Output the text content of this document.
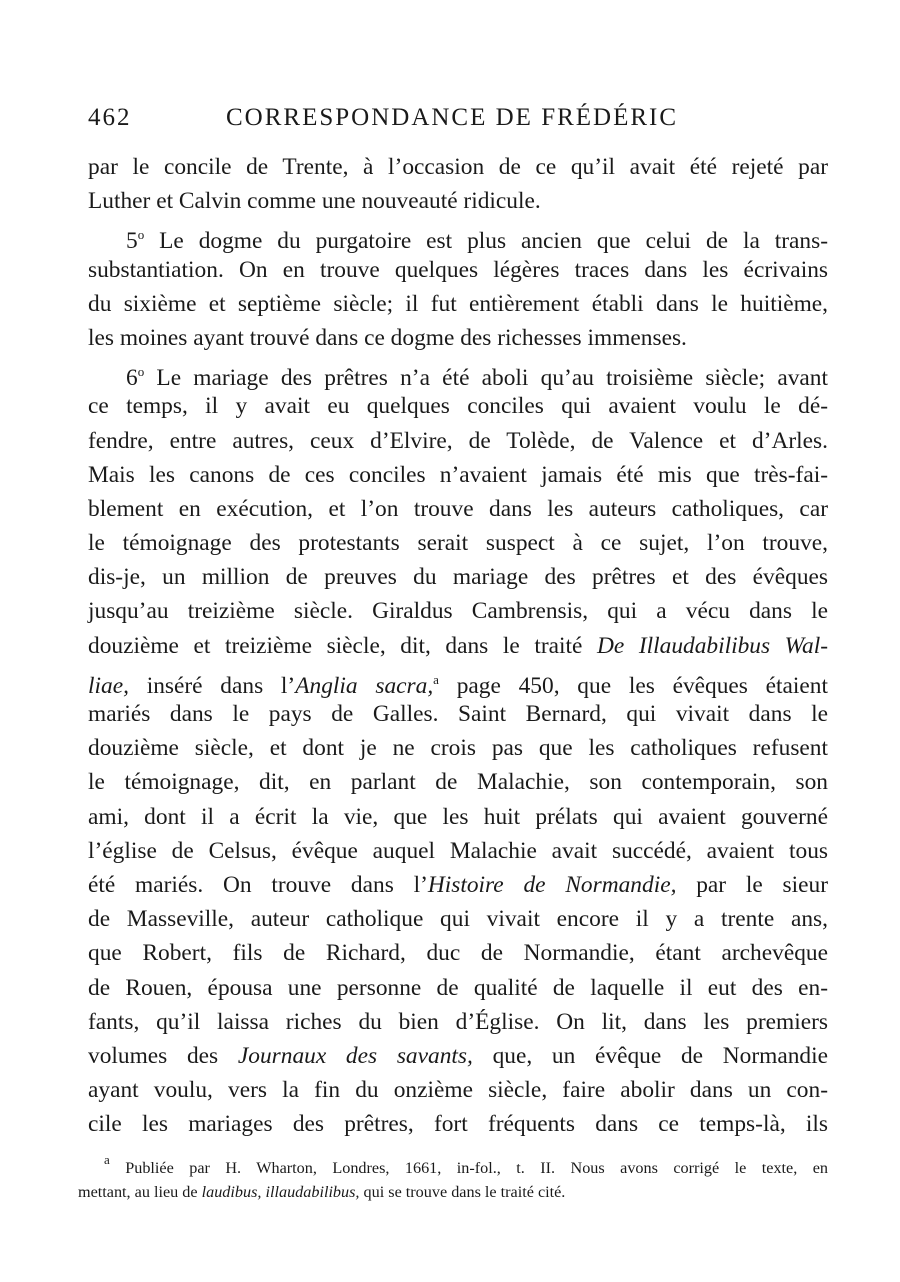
462	CORRESPONDANCE DE FRÉDÉRIC
par le concile de Trente, à l’occasion de ce qu’il avait été rejeté par
Luther et Calvin comme une nouveauté ridicule.
5$^o$ Le dogme du purgatoire est plus ancien que celui de la trans-
substantiation. On en trouve quelques légères traces dans les écrivains
du sixième et septième siècle; il fut entièrement établi dans le huitième,
les moines ayant trouvé dans ce dogme des richesses immenses.
6$^o$ Le mariage des prêtres n’a été aboli qu’au troisième siècle; avant
ce temps, il y avait eu quelques conciles qui avaient voulu le dé-
fendre, entre autres, ceux d’Elvire, de Tolède, de Valence et d’Arles.
Mais les canons de ces conciles n’avaient jamais été mis que très-fai-
blement en exécution, et l’on trouve dans les auteurs catholiques, car
le témoignage des protestants serait suspect à ce sujet, l’on trouve,
dis-je, un million de preuves du mariage des prêtres et des évêques
jusqu’au treizième siècle. Giraldus Cambrensis, qui a vécu dans le
douzième et treizième siècle, dit, dans le traité De Illaudabilibus Wal-
liae, inséré dans l’Anglia sacra,$^a$ page 450, que les évêques étaient
mariés dans le pays de Galles. Saint Bernard, qui vivait dans le
douzième siècle, et dont je ne crois pas que les catholiques refusent
le témoignage, dit, en parlant de Malachie, son contemporain, son
ami, dont il a écrit la vie, que les huit prélats qui avaient gouverné
l’église de Celsus, évêque auquel Malachie avait succédé, avaient tous
été mariés. On trouve dans l’Histoire de Normandie, par le sieur
de Masseville, auteur catholique qui vivait encore il y a trente ans,
que Robert, fils de Richard, duc de Normandie, étant archevêque
de Rouen, épousa une personne de qualité de laquelle il eut des en-
fants, qu’il laissa riches du bien d’Église. On lit, dans les premiers
volumes des Journaux des savants, que, un évêque de Normandie
ayant voulu, vers la fin du onzième siècle, faire abolir dans un con-
cile les mariages des prêtres, fort fréquents dans ce temps-là, ils
$^a$ Publiée par H. Wharton, Londres, 1661, in-fol., t. II. Nous avons corrigé le texte, en
mettant, au lieu de laudibus, illaudabilibus, qui se trouve dans le traité cité.
